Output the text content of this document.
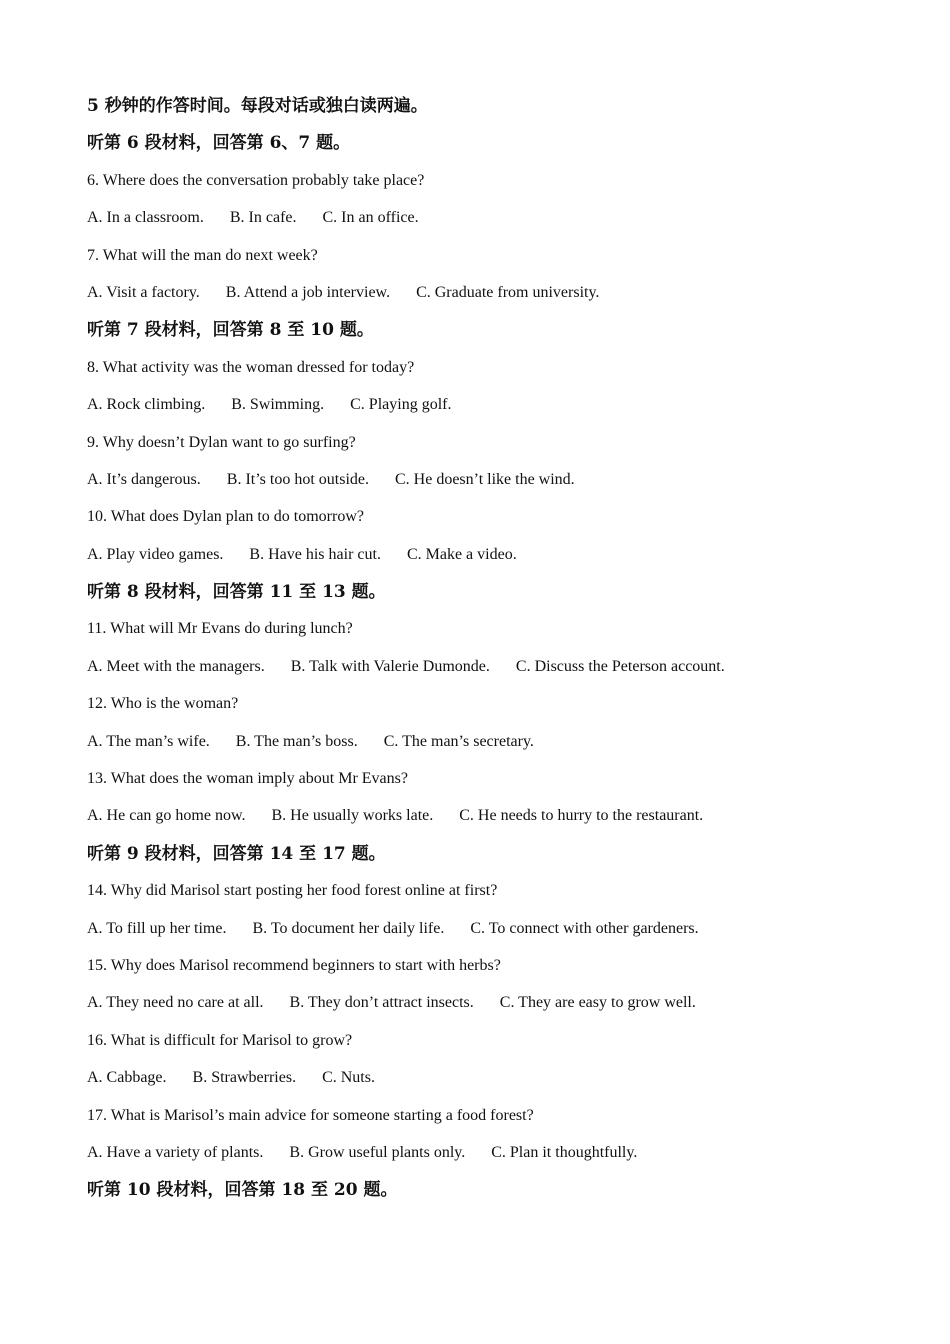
5 秒钟的作答时间。每段对话或独白读两遍。
听第 6 段材料，回答第 6、7 题。
6. Where does the conversation probably take place?
A. In a classroom. B. In cafe. C. In an office.
7. What will the man do next week?
A. Visit a factory. B. Attend a job interview. C. Graduate from university.
听第 7 段材料，回答第 8 至 10 题。
8. What activity was the woman dressed for today?
A. Rock climbing. B. Swimming. C. Playing golf.
9. Why doesn’t Dylan want to go surfing?
A. It’s dangerous. B. It’s too hot outside. C. He doesn’t like the wind.
10. What does Dylan plan to do tomorrow?
A. Play video games. B. Have his hair cut. C. Make a video.
听第 8 段材料，回答第 11 至 13 题。
11. What will Mr Evans do during lunch?
A. Meet with the managers. B. Talk with Valerie Dumonde. C. Discuss the Peterson account.
12. Who is the woman?
A. The man’s wife. B. The man’s boss. C. The man’s secretary.
13. What does the woman imply about Mr Evans?
A. He can go home now. B. He usually works late. C. He needs to hurry to the restaurant.
听第 9 段材料，回答第 14 至 17 题。
14. Why did Marisol start posting her food forest online at first?
A. To fill up her time. B. To document her daily life. C. To connect with other gardeners.
15. Why does Marisol recommend beginners to start with herbs?
A. They need no care at all. B. They don’t attract insects. C. They are easy to grow well.
16. What is difficult for Marisol to grow?
A. Cabbage. B. Strawberries. C. Nuts.
17. What is Marisol’s main advice for someone starting a food forest?
A. Have a variety of plants. B. Grow useful plants only. C. Plan it thoughtfully.
听第 10 段材料，回答第 18 至 20 题。
